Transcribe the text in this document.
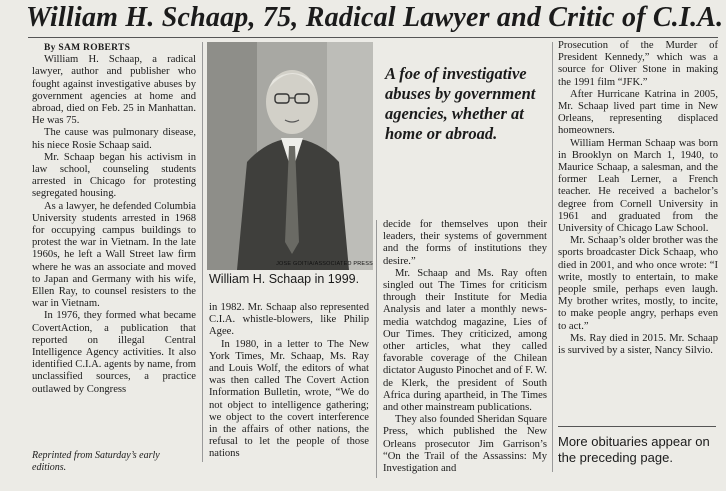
William H. Schaap, 75, Radical Lawyer and Critic of C.I.A.

By SAM ROBERTS

William H. Schaap, a radical lawyer, author and publisher who fought against investigative abuses by government agencies at home and abroad, died on Feb. 25 in Manhattan. He was 75.

The cause was pulmonary disease, his niece Rosie Schaap said.

Mr. Schaap began his activism in law school, counseling students arrested in Chicago for protesting segregated housing.

As a lawyer, he defended Columbia University students arrested in 1968 for occupying campus buildings to protest the war in Vietnam. In the late 1960s, he left a Wall Street law firm where he was an associate and moved to Japan and Germany with his wife, Ellen Ray, to counsel resisters to the war in Vietnam.

In 1976, they formed what became CovertAction, a publication that reported on illegal Central Intelligence Agency activities. It also identified C.I.A. agents by name, from unclassified sources, a practice outlawed by Congress

Reprinted from Saturday’s early editions.

JOSE GOITIA/ASSOCIATED PRESS
William H. Schaap in 1999.
A foe of investigative abuses by government agencies, whether at home or abroad.

in 1982. Mr. Schaap also represented C.I.A. whistle-blowers, like Philip Agee.

In 1980, in a letter to The New York Times, Mr. Schaap, Ms. Ray and Louis Wolf, the editors of what was then called The Covert Action Information Bulletin, wrote, “We do not object to intelligence gathering; we object to the covert interference in the affairs of other nations, the refusal to let the people of those nations

decide for themselves upon their leaders, their systems of government and the forms of institutions they desire.”

Mr. Schaap and Ms. Ray often singled out The Times for criticism through their Institute for Media Analysis and later a monthly news-media watchdog magazine, Lies of Our Times. They criticized, among other articles, what they called favorable coverage of the Chilean dictator Augusto Pinochet and of F. W. de Klerk, the president of South Africa during apartheid, in The Times and other mainstream publications.

They also founded Sheridan Square Press, which published the New Orleans prosecutor Jim Garrison’s “On the Trail of the Assassins: My Investigation and

Prosecution of the Murder of President Kennedy,” which was a source for Oliver Stone in making the 1991 film “JFK.”

After Hurricane Katrina in 2005, Mr. Schaap lived part time in New Orleans, representing displaced homeowners.

William Herman Schaap was born in Brooklyn on March 1, 1940, to Maurice Schaap, a salesman, and the former Leah Lerner, a French teacher. He received a bachelor’s degree from Cornell University in 1961 and graduated from the University of Chicago Law School.

Mr. Schaap’s older brother was the sports broadcaster Dick Schaap, who died in 2001, and who once wrote: “I write, mostly to entertain, to make people smile, perhaps even laugh. My brother writes, mostly, to incite, to make people angry, perhaps even to act.”

Ms. Ray died in 2015. Mr. Schaap is survived by a sister, Nancy Silvio.

More obituaries appear on the preceding page.
